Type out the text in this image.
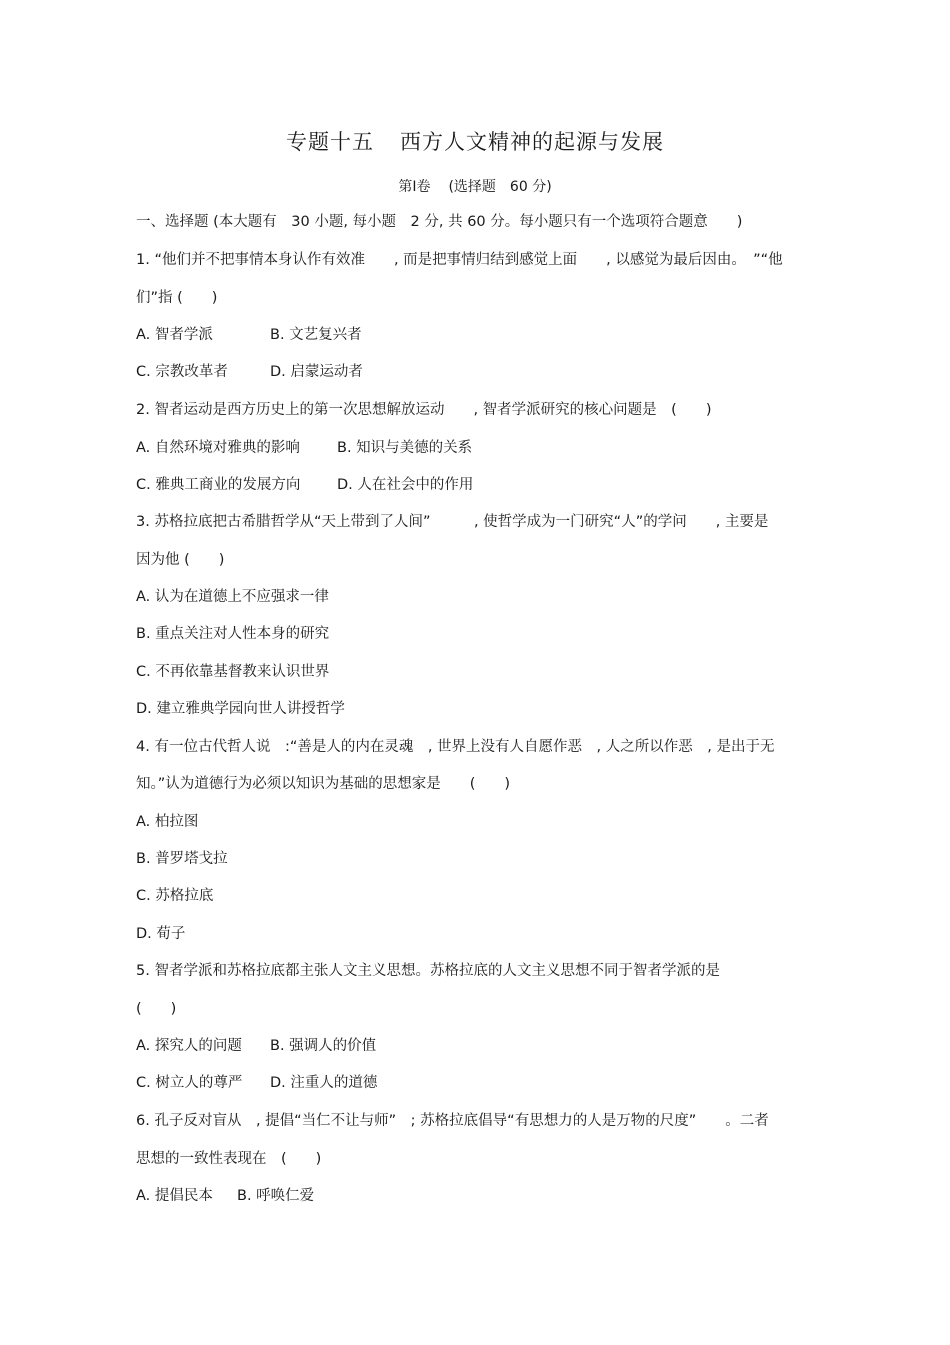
专题十五 西方人文精神的起源与发展
第Ⅰ卷 (选择题　60 分)
一、选择题 (本大题有　30 小题, 每小题　2 分, 共 60 分。每小题只有一个选项符合题意　　)
1. “他们并不把事情本身认作有效准　　, 而是把事情归结到感觉上面　　, 以感觉为最后因由。　”“他
们”指 (　　)
A. 智者学派	B. 文艺复兴者
C. 宗教改革者	D. 启蒙运动者
2. 智者运动是西方历史上的第一次思想解放运动　　, 智者学派研究的核心问题是　(　　)
A. 自然环境对雅典的影响	B. 知识与美德的关系
C. 雅典工商业的发展方向	D. 人在社会中的作用
3. 苏格拉底把古希腊哲学从“天上带到了人间”　　　, 使哲学成为一门研究“人”的学问　　, 主要是
因为他 (　　)
A. 认为在道德上不应强求一律
B. 重点关注对人性本身的研究
C. 不再依靠基督教来认识世界
D. 建立雅典学园向世人讲授哲学
4. 有一位古代哲人说　:“善是人的内在灵魂　, 世界上没有人自愿作恶　, 人之所以作恶　, 是出于无
知。”认为道德行为必须以知识为基础的思想家是　　(　　)
A. 柏拉图
B. 普罗塔戈拉
C. 苏格拉底
D. 荀子
5. 智者学派和苏格拉底都主张人文主义思想。苏格拉底的人文主义思想不同于智者学派的是
(　　)
A. 探究人的问题 B. 强调人的价值
C. 树立人的尊严 D. 注重人的道德
6. 孔子反对盲从　, 提倡“当仁不让与师”　; 苏格拉底倡导“有思想力的人是万物的尺度”　　。二者
思想的一致性表现在　(　　)
A. 提倡民本 B. 呼唤仁爱
